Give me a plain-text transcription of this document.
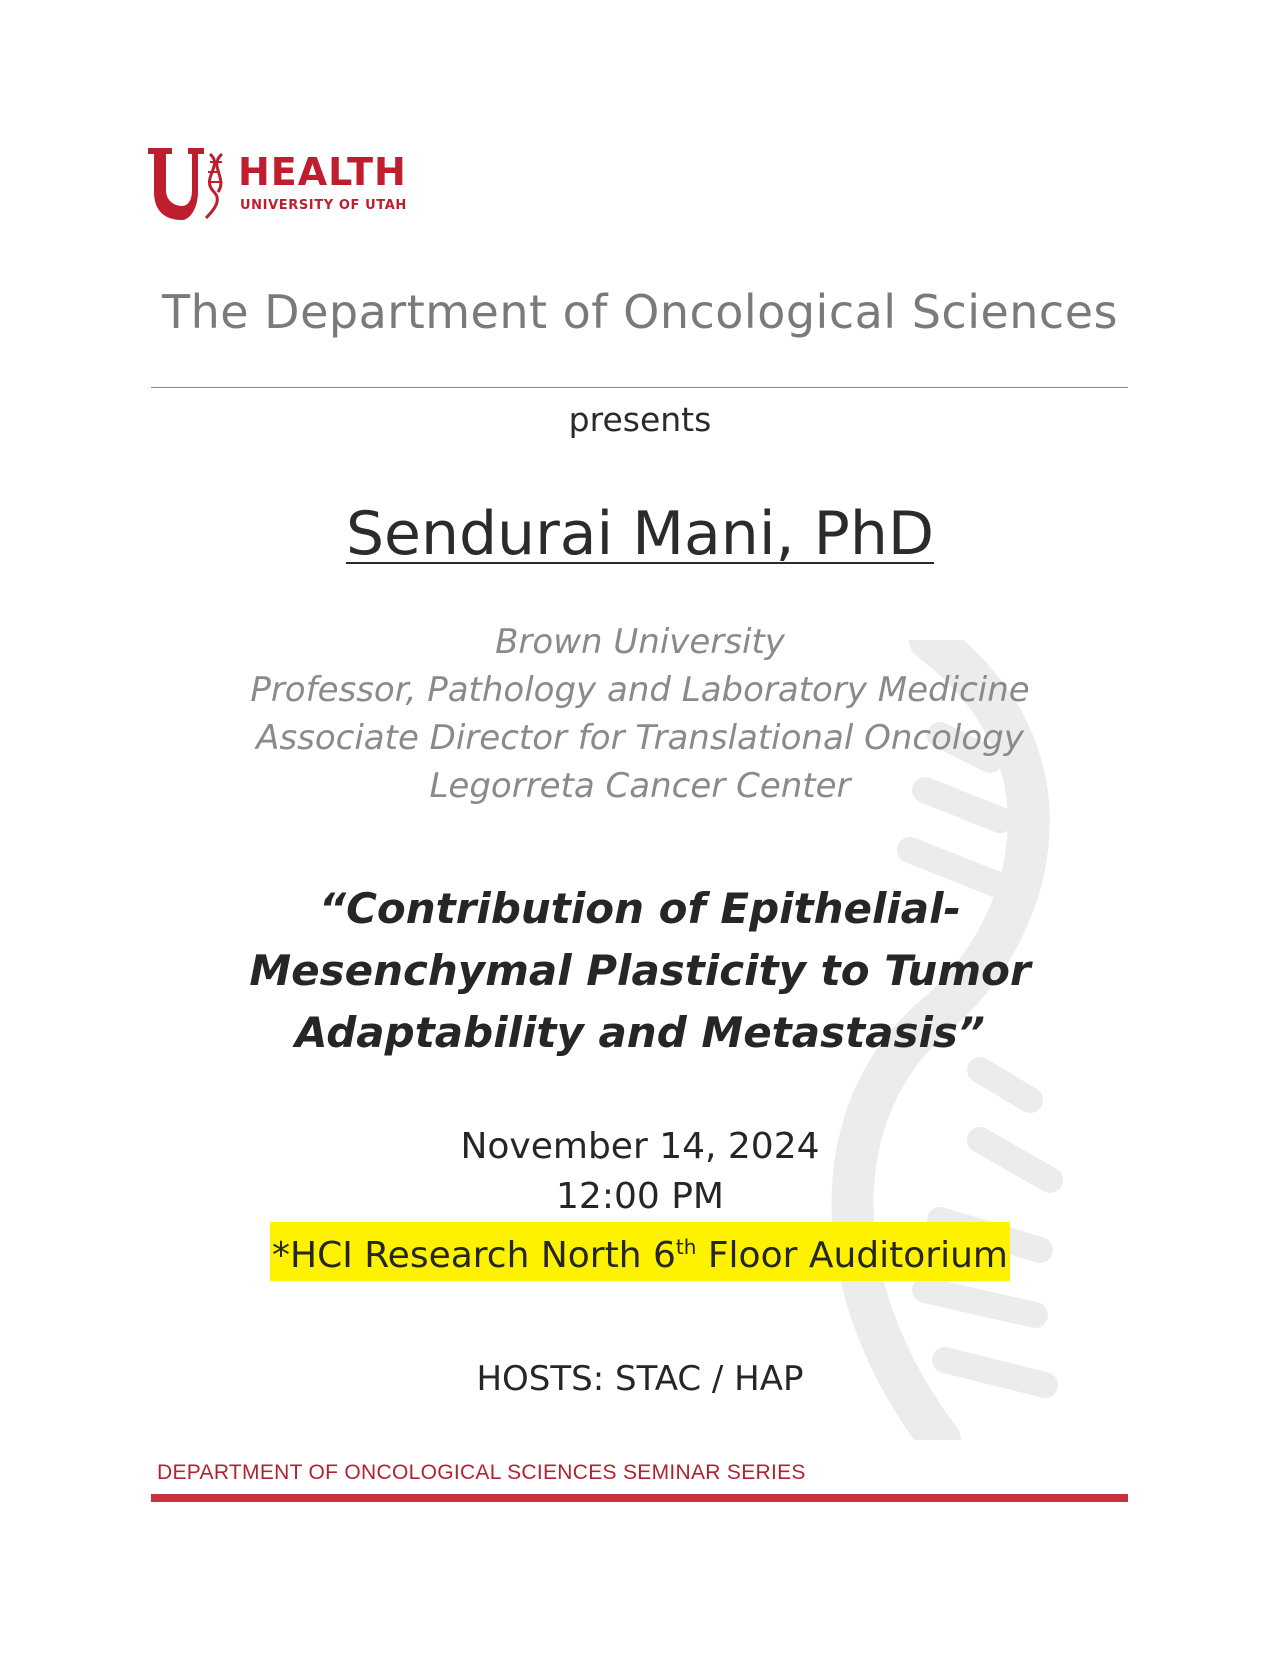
HEALTH
UNIVERSITY OF UTAH
The Department of Oncological Sciences
presents
Sendurai Mani, PhD
Brown University
Professor, Pathology and Laboratory Medicine
Associate Director for Translational Oncology
Legorreta Cancer Center
“Contribution of Epithelial-
Mesenchymal Plasticity to Tumor
Adaptability and Metastasis”
November 14, 2024
12:00 PM
*HCI Research North 6th Floor Auditorium
HOSTS: STAC / HAP
DEPARTMENT OF ONCOLOGICAL SCIENCES SEMINAR SERIES
